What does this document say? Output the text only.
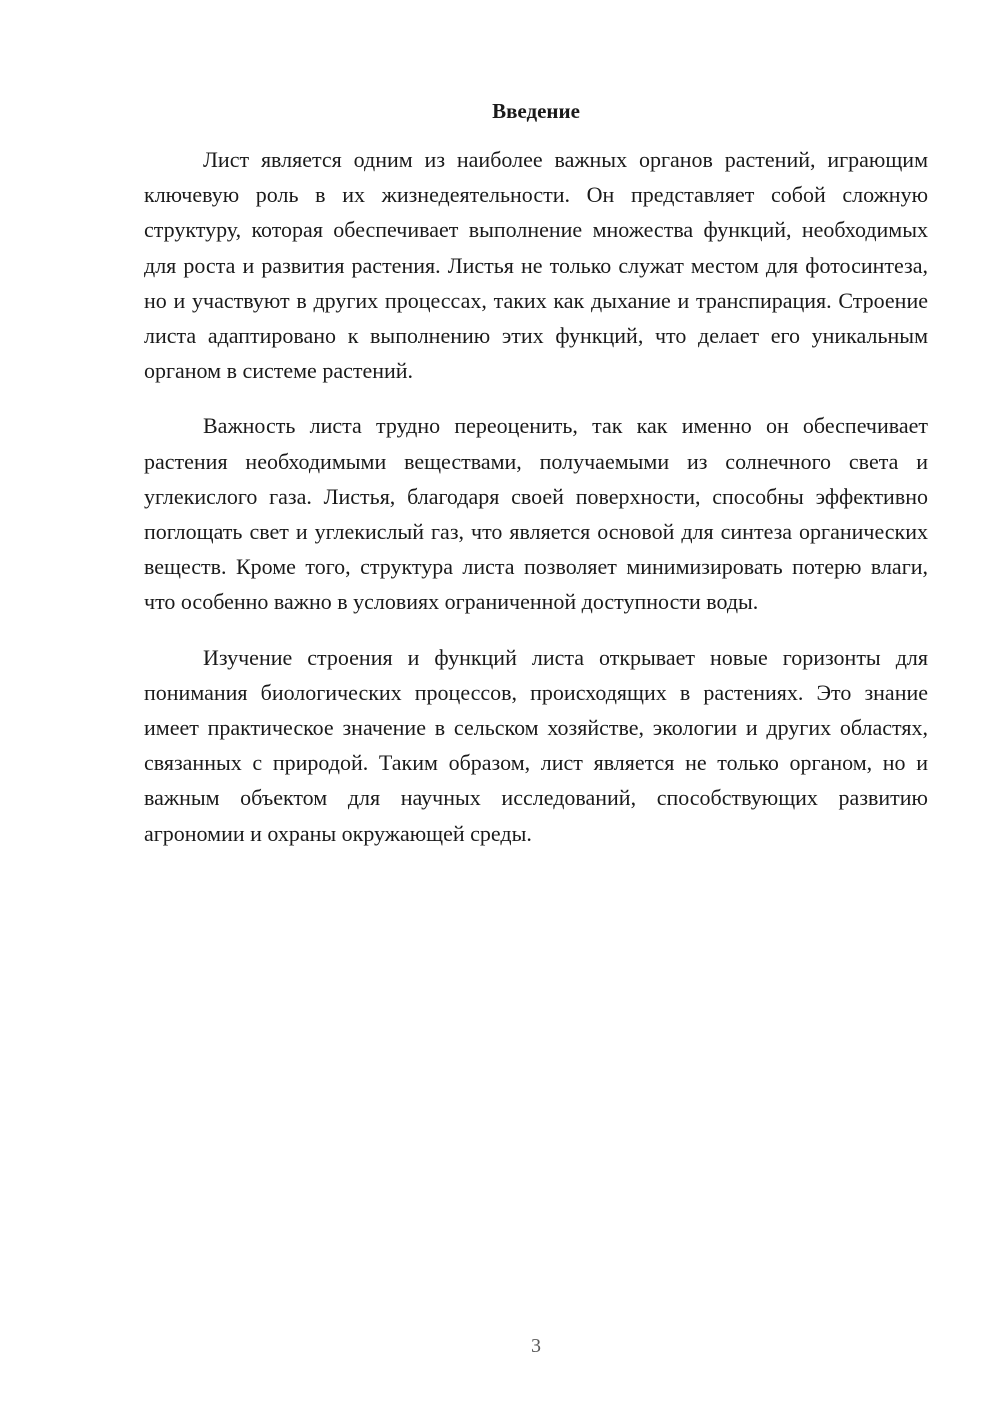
Введение

Лист является одним из наиболее важных органов растений, играющим ключевую роль в их жизнедеятельности. Он представляет собой сложную структуру, которая обеспечивает выполнение множества функций, необходимых для роста и развития растения. Листья не только служат местом для фотосинтеза, но и участвуют в других процессах, таких как дыхание и транспирация. Строение листа адаптировано к выполнению этих функций, что делает его уникальным органом в системе растений.

Важность листа трудно переоценить, так как именно он обеспечивает растения необходимыми веществами, получаемыми из солнечного света и углекислого газа. Листья, благодаря своей поверхности, способны эффективно поглощать свет и углекислый газ, что является основой для синтеза органических веществ. Кроме того, структура листа позволяет минимизировать потерю влаги, что особенно важно в условиях ограниченной доступности воды.

Изучение строения и функций листа открывает новые горизонты для понимания биологических процессов, происходящих в растениях. Это знание имеет практическое значение в сельском хозяйстве, экологии и других областях, связанных с природой. Таким образом, лист является не только органом, но и важным объектом для научных исследований, способствующих развитию агрономии и охраны окружающей среды.

3
